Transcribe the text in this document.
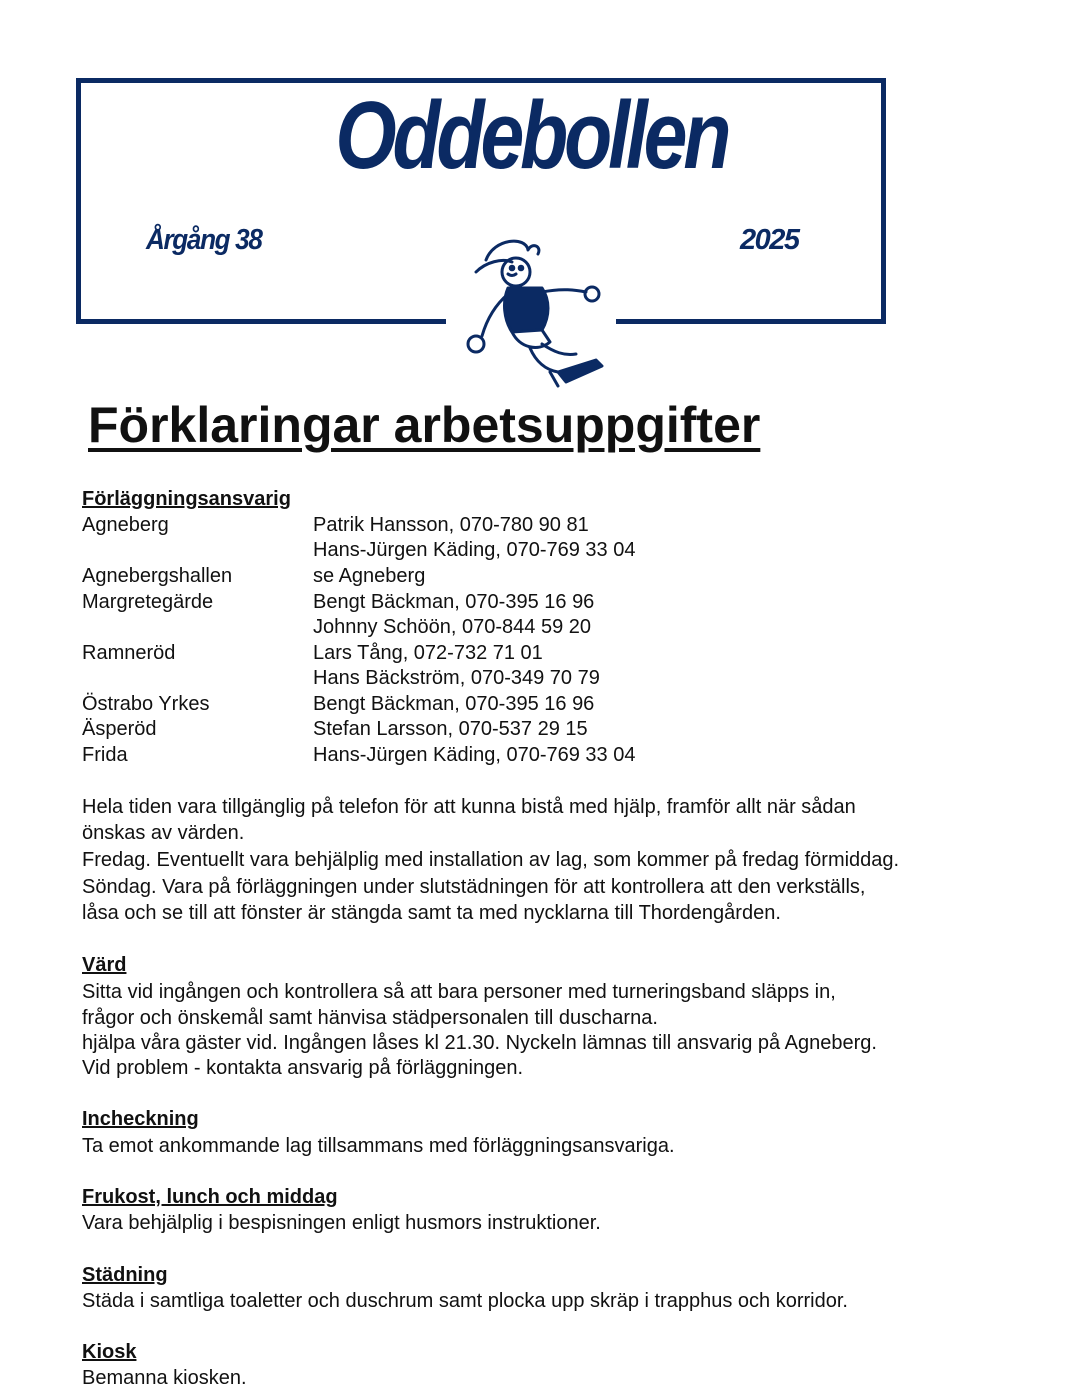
Oddebollen
Årgång 38	2025
Förklaringar arbetsuppgifter
Förläggningsansvarig
Agneberg	Patrik Hansson, 070-780 90 81
Hans-Jürgen Käding, 070-769 33 04
Agnebergshallen	se Agneberg
Margretegärde	Bengt Bäckman, 070-395 16 96
Johnny Schöön, 070-844 59 20
Ramneröd	Lars Tång, 072-732 71 01
Hans Bäckström, 070-349 70 79
Östrabo Yrkes	Bengt Bäckman, 070-395 16 96
Äsperöd	Stefan Larsson, 070-537 29 15
Frida	Hans-Jürgen Käding, 070-769 33 04
Hela tiden vara tillgänglig på telefon för att kunna bistå med hjälp, framför allt när sådan
önskas av värden.
Fredag. Eventuellt vara behjälplig med installation av lag, som kommer på fredag förmiddag.
Söndag. Vara på förläggningen under slutstädningen för att kontrollera att den verkställs,
låsa och se till att fönster är stängda samt ta med nycklarna till Thordengården.
Värd
Sitta vid ingången och kontrollera så att bara personer med turneringsband släpps in,
frågor och önskemål samt hänvisa städpersonalen till duscharna.
hjälpa våra gäster vid. Ingången låses kl 21.30. Nyckeln lämnas till ansvarig på Agneberg.
Vid problem - kontakta ansvarig på förläggningen.
Incheckning
Ta emot ankommande lag tillsammans med förläggningsansvariga.
Frukost, lunch och middag
Vara behjälplig i bespisningen enligt husmors instruktioner.
Städning
Städa i samtliga toaletter och duschrum samt plocka upp skräp i trapphus och korridor.
Kiosk
Bemanna kiosken.
